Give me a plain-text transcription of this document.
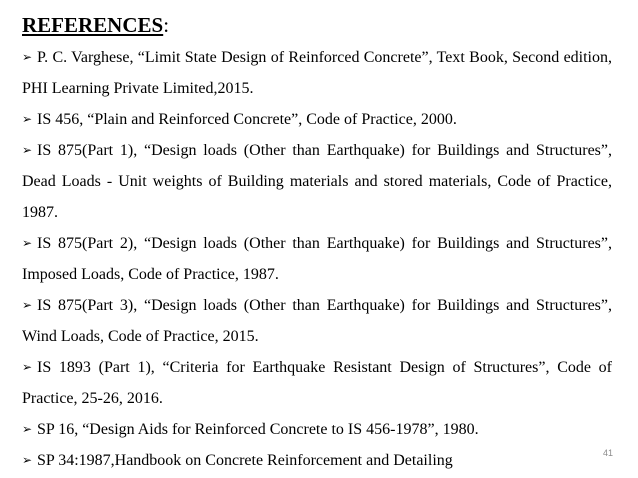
REFERENCES:
➢ P. C. Varghese, “Limit State Design of Reinforced Concrete”, Text Book, Second edition, PHI Learning Private Limited,2015.
➢ IS 456, “Plain and Reinforced Concrete”, Code of Practice, 2000.
➢ IS 875(Part 1), “Design loads (Other than Earthquake) for Buildings and Structures”, Dead Loads - Unit weights of Building materials and stored materials, Code of Practice, 1987.
➢ IS 875(Part 2), “Design loads (Other than Earthquake) for Buildings and Structures”, Imposed Loads, Code of Practice, 1987.
➢ IS 875(Part 3), “Design loads (Other than Earthquake) for Buildings and Structures”, Wind Loads, Code of Practice, 2015.
➢ IS 1893 (Part 1), “Criteria for Earthquake Resistant Design of Structures”, Code of Practice, 25-26, 2016.
➢ SP 16, “Design Aids for Reinforced Concrete to IS 456-1978”, 1980.
➢ SP 34:1987,Handbook on Concrete Reinforcement and Detailing	41
